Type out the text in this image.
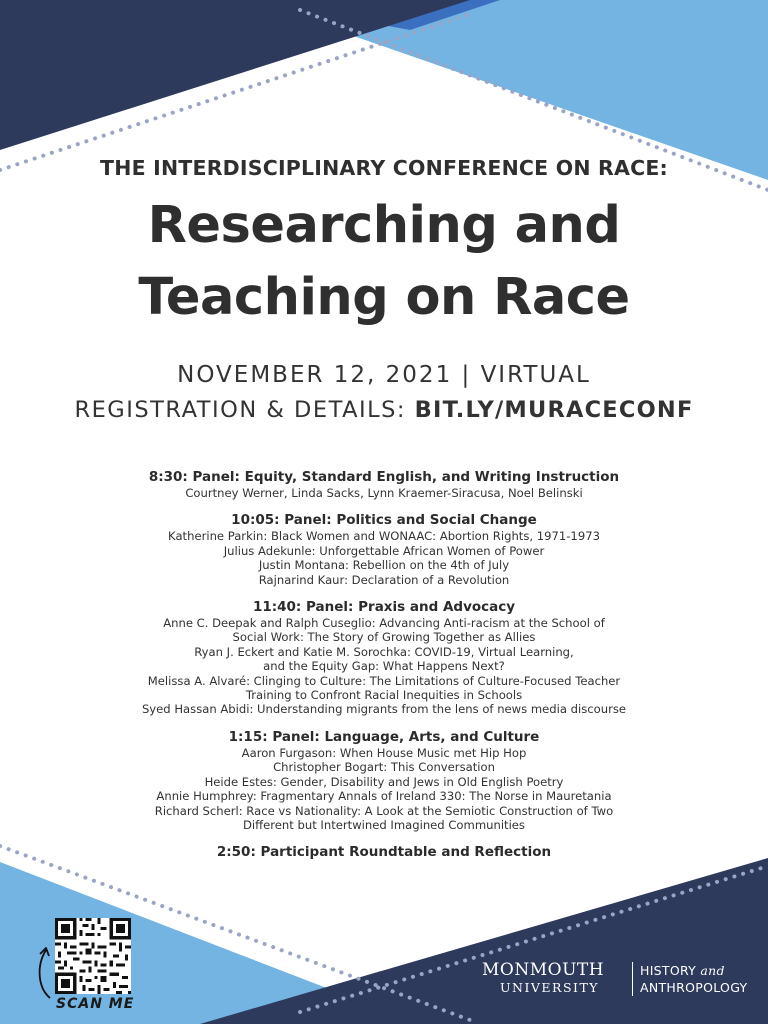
THE INTERDISCIPLINARY CONFERENCE ON RACE:
Researching and
Teaching on Race
NOVEMBER 12, 2021 | VIRTUAL
REGISTRATION & DETAILS: BIT.LY/MURACECONF
8:30: Panel: Equity, Standard English, and Writing Instruction
Courtney Werner, Linda Sacks, Lynn Kraemer-Siracusa, Noel Belinski
10:05: Panel: Politics and Social Change
Katherine Parkin: Black Women and WONAAC: Abortion Rights, 1971-1973
Julius Adekunle: Unforgettable African Women of Power
Justin Montana: Rebellion on the 4th of July
Rajnarind Kaur: Declaration of a Revolution
11:40: Panel: Praxis and Advocacy
Anne C. Deepak and Ralph Cuseglio: Advancing Anti-racism at the School of
Social Work: The Story of Growing Together as Allies
Ryan J. Eckert and Katie M. Sorochka: COVID-19, Virtual Learning,
and the Equity Gap: What Happens Next?
Melissa A. Alvaré: Clinging to Culture: The Limitations of Culture-Focused Teacher
Training to Confront Racial Inequities in Schools
Syed Hassan Abidi: Understanding migrants from the lens of news media discourse
1:15: Panel: Language, Arts, and Culture
Aaron Furgason: When House Music met Hip Hop
Christopher Bogart: This Conversation
Heide Estes: Gender, Disability and Jews in Old English Poetry
Annie Humphrey: Fragmentary Annals of Ireland 330: The Norse in Mauretania
Richard Scherl: Race vs Nationality: A Look at the Semiotic Construction of Two
Different but Intertwined Imagined Communities
2:50: Participant Roundtable and Reflection
SCAN ME
MONMOUTH
UNIVERSITY
HISTORY and
ANTHROPOLOGY
